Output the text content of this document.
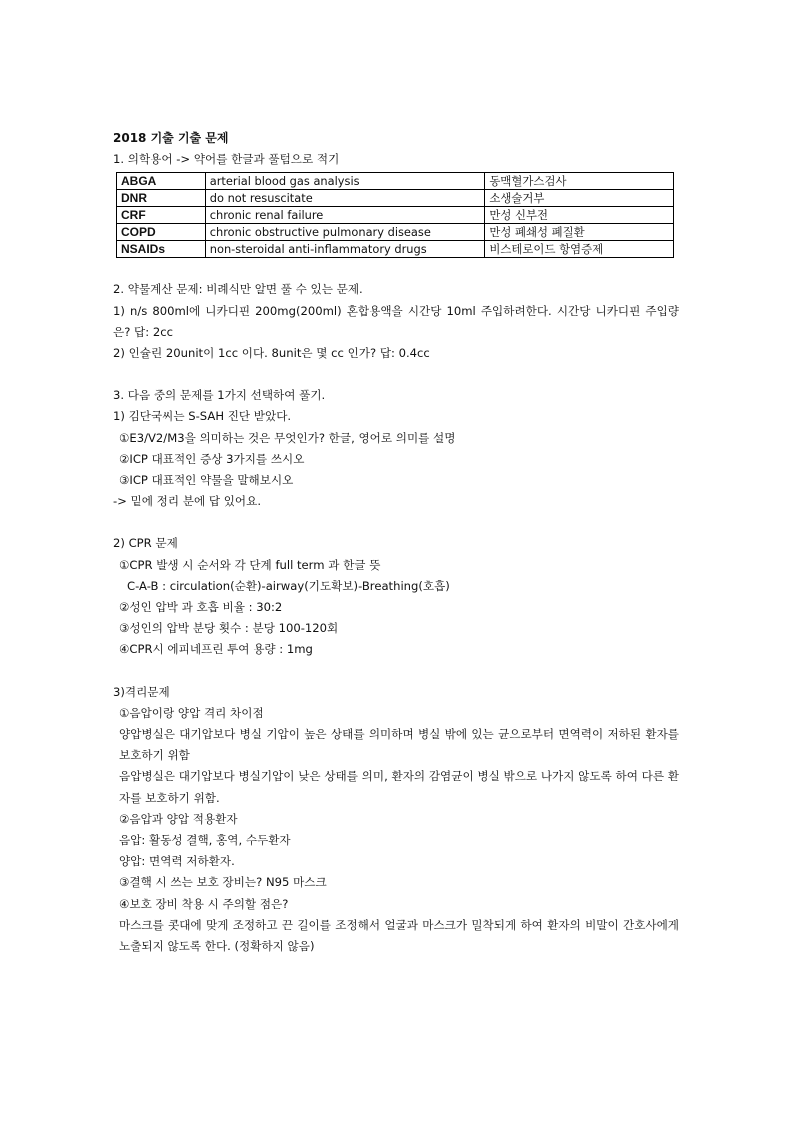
2018 기출 기출 문제
1. 의학용어 -> 약어를 한글과 풀텀으로 적기
ABGA	arterial blood gas analysis	동맥혈가스검사
DNR	do not resuscitate	소생술거부
CRF	chronic renal failure	만성 신부전
COPD	chronic obstructive pulmonary disease	만성 폐쇄성 폐질환
NSAIDs	non-steroidal anti-inflammatory drugs	비스테로이드 항염증제
2. 약물계산 문제: 비례식만 알면 풀 수 있는 문제.
1) n/s 800ml에 니카디핀 200mg(200ml) 혼합용액을 시간당 10ml 주입하려한다. 시간당 니카디핀 주입량은? 답: 2cc
2) 인슐린 20unit이 1cc 이다. 8unit은 몇 cc 인가? 답: 0.4cc
3. 다음 중의 문제를 1가지 선택하여 풀기.
1) 김단국씨는 S-SAH 진단 받았다.
①E3/V2/M3을 의미하는 것은 무엇인가? 한글, 영어로 의미를 설명
②ICP 대표적인 증상 3가지를 쓰시오
③ICP 대표적인 약물을 말해보시오
-> 밑에 정리 분에 답 있어요.
2) CPR 문제
①CPR 발생 시 순서와 각 단계 full term 과 한글 뜻
C-A-B : circulation(순환)-airway(기도확보)-Breathing(호흡)
②성인 압박 과 호흡 비율 : 30:2
③성인의 압박 분당 횟수 : 분당 100-120회
④CPR시 에피네프린 투여 용량 : 1mg
3)격리문제
①음압이랑 양압 격리 차이점
양압병실은 대기압보다 병실 기압이 높은 상태를 의미하며 병실 밖에 있는 균으로부터 면역력이 저하된 환자를 보호하기 위함
음압병실은 대기압보다 병실기압이 낮은 상태를 의미, 환자의 감염균이 병실 밖으로 나가지 않도록 하여 다른 환자를 보호하기 위함.
②음압과 양압 적용환자
음압: 활동성 결핵, 홍역, 수두환자
양압: 면역력 저하환자.
③결핵 시 쓰는 보호 장비는? N95 마스크
④보호 장비 착용 시 주의할 점은?
마스크를 콧대에 맞게 조정하고 끈 길이를 조정해서 얼굴과 마스크가 밀착되게 하여 환자의 비말이 간호사에게 노출되지 않도록 한다. (정확하지 않음)
